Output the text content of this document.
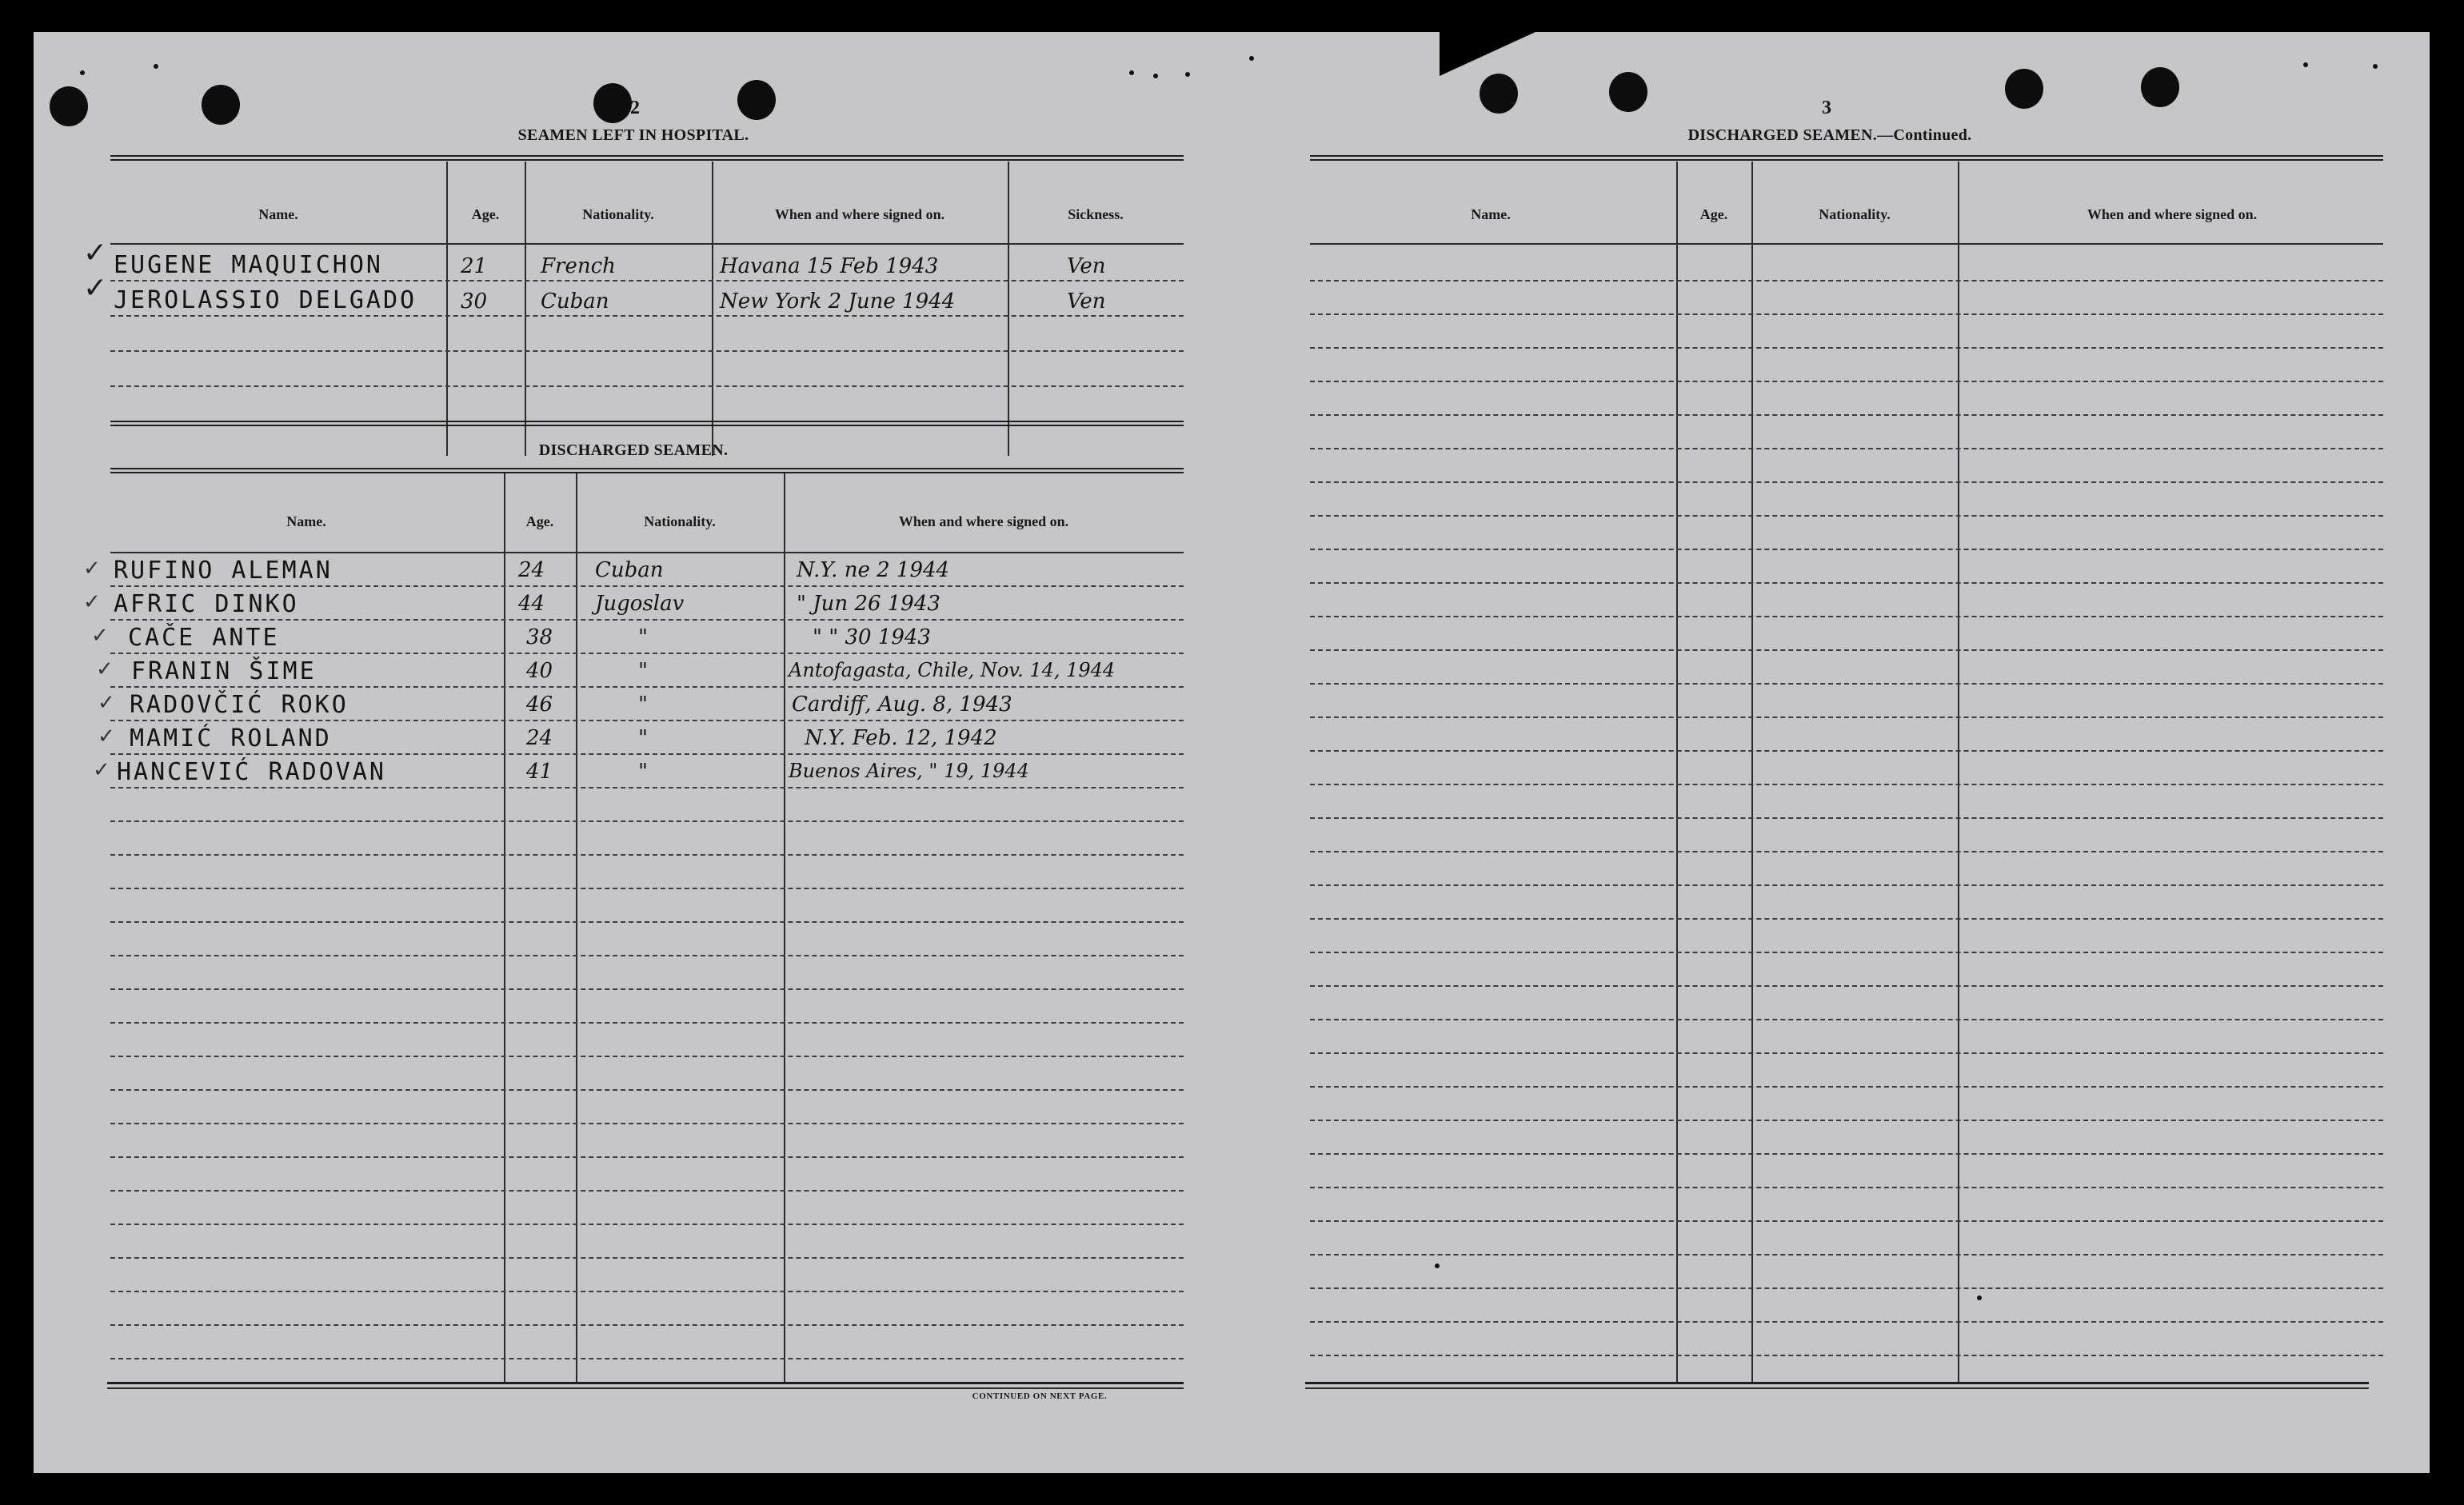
2
SEAMEN LEFT IN HOSPITAL.
Name.	Age.	Nationality.	When and where signed on.	Sickness.
✓ EUGENE MAQUICHON	21	French	Havana 15 Feb 1943	Ven
✓ JEROLASSIO DELGADO 30	Cuban	New York 2 June 1944	Ven
DISCHARGED SEAMEN.
Name.	Age.	Nationality.	When and where signed on.
✓ RUFINO ALEMAN	24 Cuban	N.Y. ne 2 1944
✓ AFRIC DINKO	44 Jugoslav	" Jun 26 1943
✓ CAČE ANTE	38	"	" " 30 1943
✓ FRANIN ŠIME	40	"	Antofagasta, Chile, Nov. 14, 1944
✓ RADOVČIĆ ROKO	46	"	Cardiff, Aug. 8, 1943
✓ MAMIĆ ROLAND	24	"	N.Y. Feb. 12, 1942
✓ HANCEVIĆ RADOVAN	41	"	Buenos Aires, " 19, 1944
CONTINUED ON NEXT PAGE.
3
DISCHARGED SEAMEN.—Continued.
Name.	Age.	Nationality.	When and where signed on.
